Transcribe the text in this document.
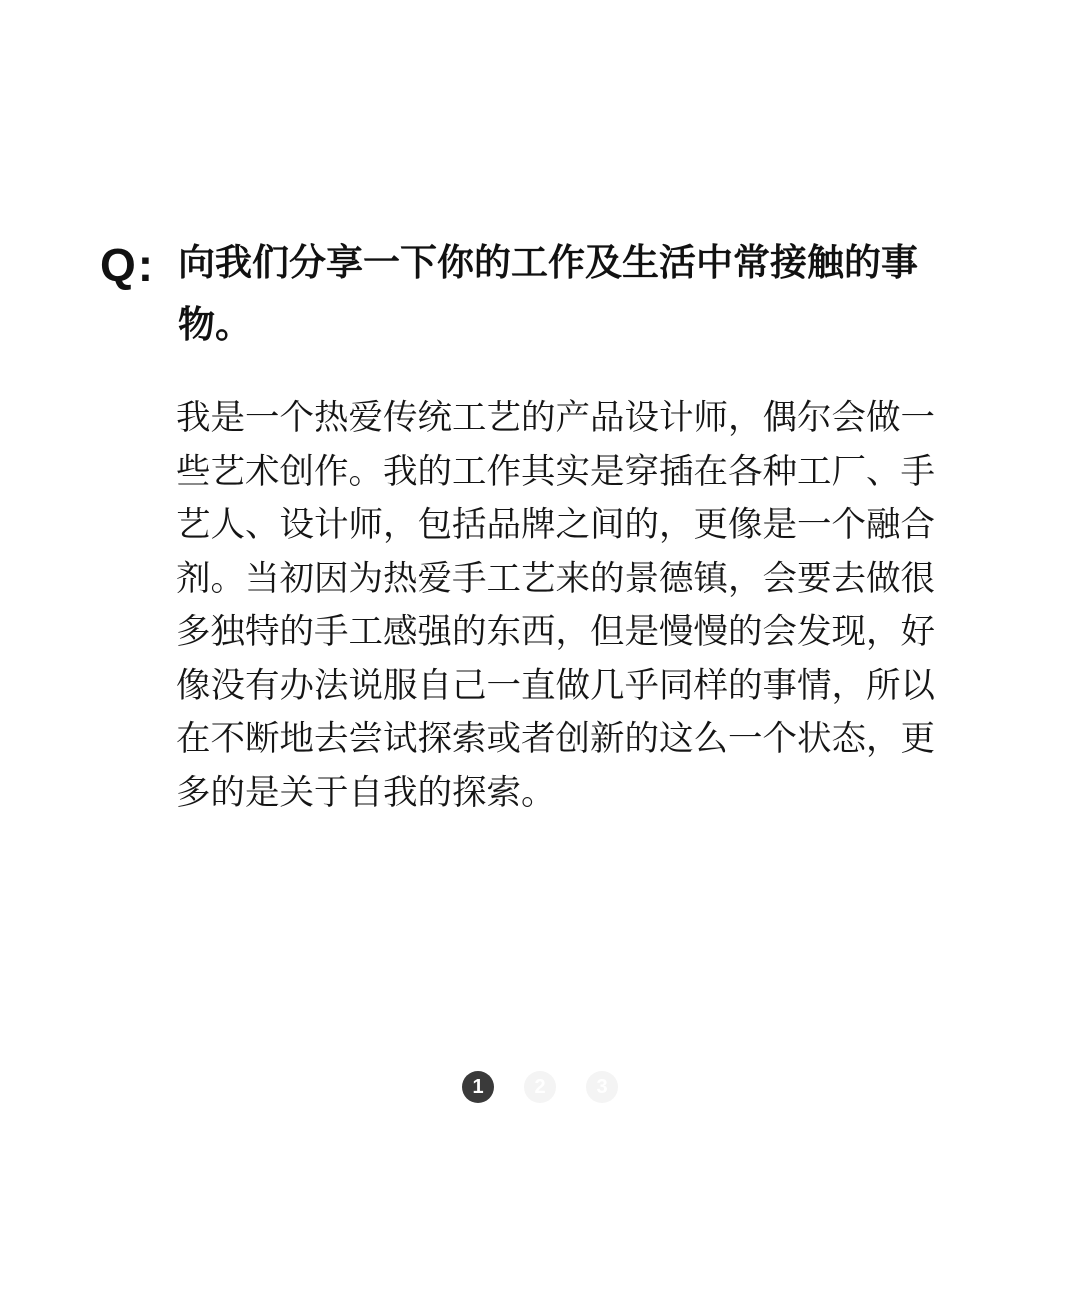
Q: 向我们分享一下你的工作及生活中常接触的事物。
我是一个热爱传统工艺的产品设计师，偶尔会做一些艺术创作。我的工作其实是穿插在各种工厂、手艺人、设计师，包括品牌之间的，更像是一个融合剂。当初因为热爱手工艺来的景德镇，会要去做很多独特的手工感强的东西，但是慢慢的会发现，好像没有办法说服自己一直做几乎同样的事情，所以在不断地去尝试探索或者创新的这么一个状态，更多的是关于自我的探索。
1	2	3
